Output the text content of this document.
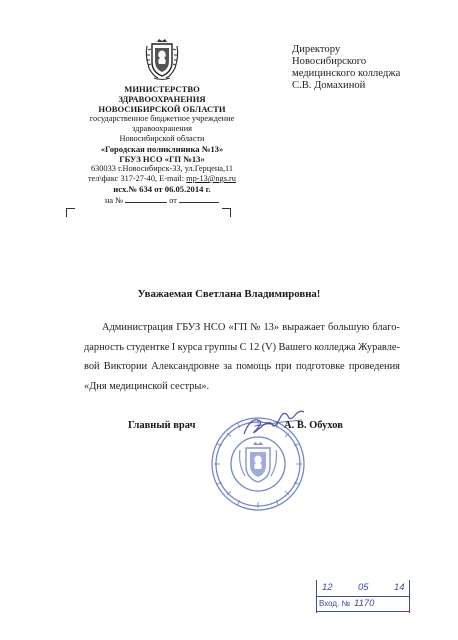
МИНИСТЕРСТВО
ЗДРАВООХРАНЕНИЯ
НОВОСИБИРСКОЙ ОБЛАСТИ
государственное бюджетное учреждение
здравоохранения
Новосибирской области
«Городская поликлиника №13»
ГБУЗ НСО «ГП №13»
630033 г.Новосибирск-33, ул.Герцена,11
тел\факс 317-27-40, E-mail: mp-13@ngs.ru
исх.№ 634 от 06.05.2014 г.
на №	от
Директору
Новосибирского
медицинского колледжа
С.В. Домахиной
Уважаемая Светлана Владимировна!
Администрация ГБУЗ НСО «ГП № 13» выражает большую благо-
дарность студентке I курса группы С 12 (V) Вашего колледжа Журавле-
вой Виктории Александровне за помощь при подготовке проведения
«Дня медицинской сестры».
Главный врач	А. В. Обухов
12	05	14
Вход. № 1170
